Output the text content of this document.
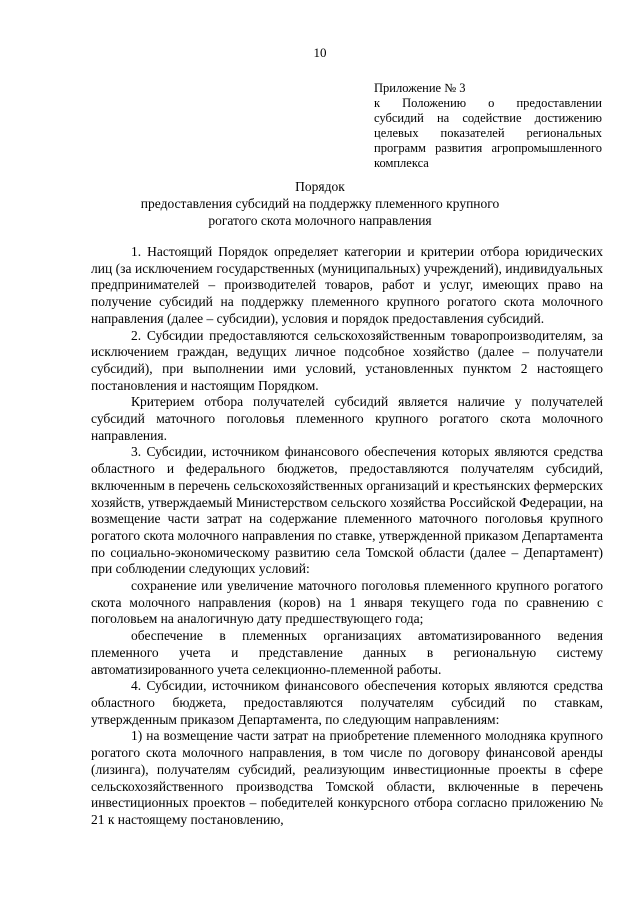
10
Приложение № 3
к Положению о предоставлении
субсидий на содействие достижению
целевых показателей региональных
программ развития агропромышленного
комплекса
Порядок
предоставления субсидий на поддержку племенного крупного
рогатого скота молочного направления

1. Настоящий Порядок определяет категории и критерии отбора юридических лиц (за исключением государственных (муниципальных) учреждений), индивидуальных предпринимателей – производителей товаров, работ и услуг, имеющих право на получение субсидий на поддержку племенного крупного рогатого скота молочного направления (далее – субсидии), условия и порядок предоставления субсидий.

2. Субсидии предоставляются сельскохозяйственным товаропроизводителям, за исключением граждан, ведущих личное подсобное хозяйство (далее – получатели субсидий), при выполнении ими условий, установленных пунктом 2 настоящего постановления и настоящим Порядком.

Критерием отбора получателей субсидий является наличие у получателей субсидий маточного поголовья племенного крупного рогатого скота молочного направления.

3. Субсидии, источником финансового обеспечения которых являются средства областного и федерального бюджетов, предоставляются получателям субсидий, включенным в перечень сельскохозяйственных организаций и крестьянских фермерских хозяйств, утверждаемый Министерством сельского хозяйства Российской Федерации, на возмещение части затрат на содержание племенного маточного поголовья крупного рогатого скота молочного направления по ставке, утвержденной приказом Департамента по социально-экономическому развитию села Томской области (далее – Департамент) при соблюдении следующих условий:

сохранение или увеличение маточного поголовья племенного крупного рогатого скота молочного направления (коров) на 1 января текущего года по сравнению с поголовьем на аналогичную дату предшествующего года;

обеспечение в племенных организациях автоматизированного ведения племенного учета и представление данных в региональную систему автоматизированного учета селекционно-племенной работы.

4. Субсидии, источником финансового обеспечения которых являются средства областного бюджета, предоставляются получателям субсидий по ставкам, утвержденным приказом Департамента, по следующим направлениям:

1) на возмещение части затрат на приобретение племенного молодняка крупного рогатого скота молочного направления, в том числе по договору финансовой аренды (лизинга), получателям субсидий, реализующим инвестиционные проекты в сфере сельскохозяйственного производства Томской области, включенные в перечень инвестиционных проектов – победителей конкурсного отбора согласно приложению № 21 к настоящему постановлению,
